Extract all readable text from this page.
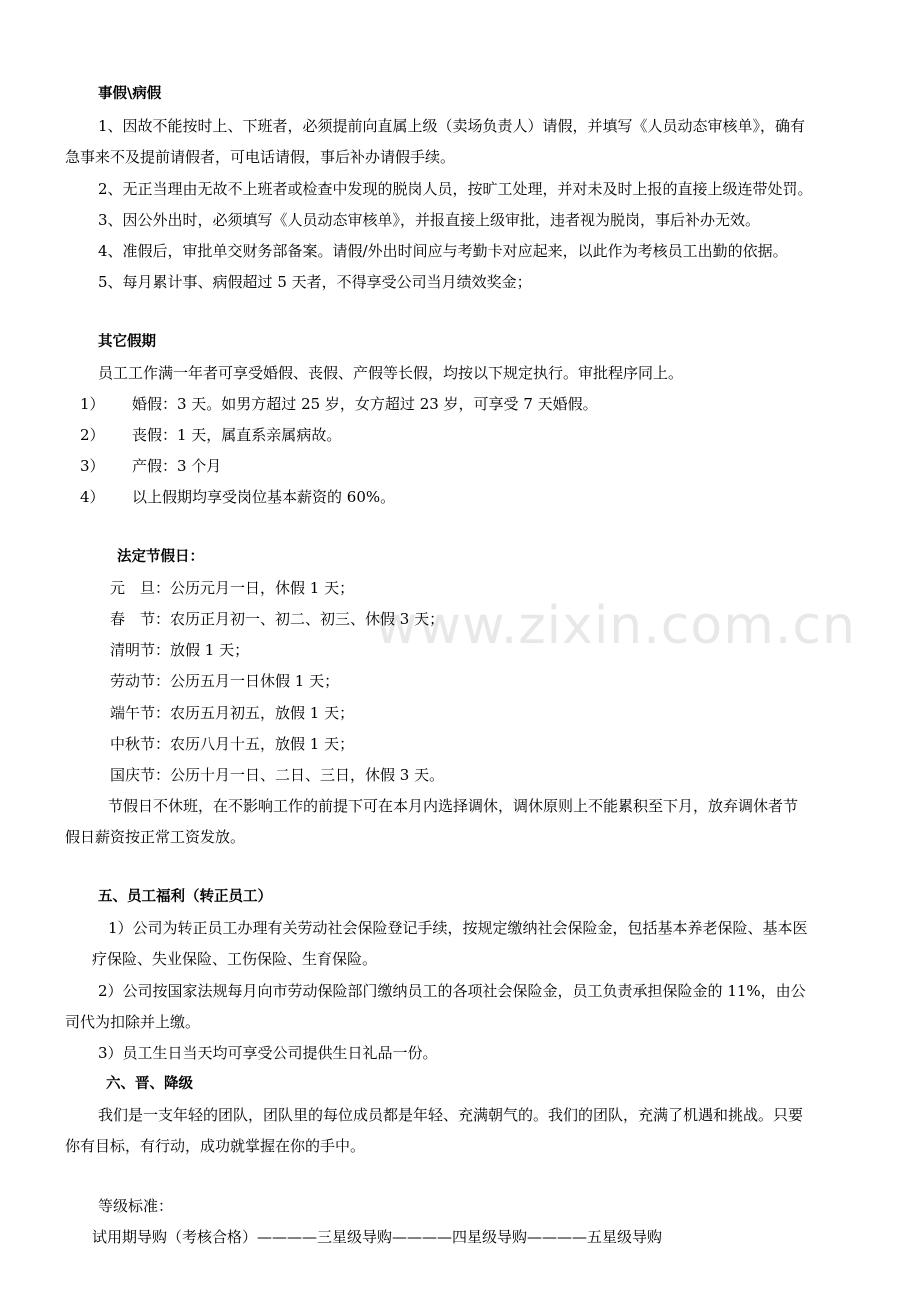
www.zixin.com.cn
事假\病假
1、因故不能按时上、下班者，必须提前向直属上级（卖场负责人）请假，并填写《人员动态审核单》，确有
急事来不及提前请假者，可电话请假，事后补办请假手续。
2、无正当理由无故不上班者或检查中发现的脱岗人员，按旷工处理，并对未及时上报的直接上级连带处罚。
3、因公外出时，必须填写《人员动态审核单》，并报直接上级审批，违者视为脱岗，事后补办无效。
4、准假后，审批单交财务部备案。请假/外出时间应与考勤卡对应起来，以此作为考核员工出勤的依据。
5、每月累计事、病假超过 5 天者，不得享受公司当月绩效奖金；
其它假期
员工工作满一年者可享受婚假、丧假、产假等长假，均按以下规定执行。审批程序同上。
1） 婚假：3 天。如男方超过 25 岁，女方超过 23 岁，可享受 7 天婚假。
2） 丧假：1 天，属直系亲属病故。
3） 产假：3 个月
4） 以上假期均享受岗位基本薪资的 60%。
法定节假日：
元　旦：公历元月一日，休假 1 天；
春　节：农历正月初一、初二、初三、休假 3 天；
清明节：放假 1 天；
劳动节：公历五月一日休假 1 天；
端午节：农历五月初五，放假 1 天；
中秋节：农历八月十五，放假 1 天；
国庆节：公历十月一日、二日、三日，休假 3 天。
节假日不休班，在不影响工作的前提下可在本月内选择调休，调休原则上不能累积至下月，放弃调休者节
假日薪资按正常工资发放。
五、员工福利（转正员工）
1）公司为转正员工办理有关劳动社会保险登记手续，按规定缴纳社会保险金，包括基本养老保险、基本医
疗保险、失业保险、工伤保险、生育保险。
2）公司按国家法规每月向市劳动保险部门缴纳员工的各项社会保险金，员工负责承担保险金的 11%，由公
司代为扣除并上缴。
3）员工生日当天均可享受公司提供生日礼品一份。
六、晋、降级
我们是一支年轻的团队，团队里的每位成员都是年轻、充满朝气的。我们的团队，充满了机遇和挑战。只要
你有目标，有行动，成功就掌握在你的手中。
等级标准：
试用期导购（考核合格）————三星级导购————四星级导购————五星级导购
